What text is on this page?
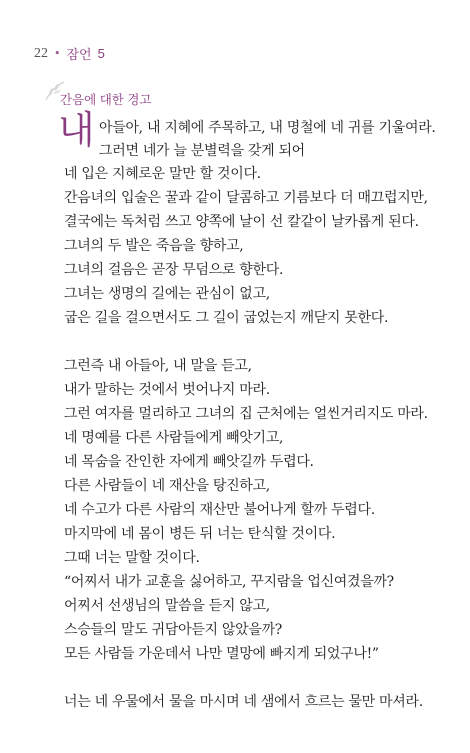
22 • 잠언 5
간음에 대한 경고
내 아들아, 내 지혜에 주목하고, 내 명철에 네 귀를 기울여라.
그러면 네가 늘 분별력을 갖게 되어
네 입은 지혜로운 말만 할 것이다.
간음녀의 입술은 꿀과 같이 달콤하고 기름보다 더 매끄럽지만,
결국에는 독처럼 쓰고 양쪽에 날이 선 칼같이 날카롭게 된다.
그녀의 두 발은 죽음을 향하고,
그녀의 걸음은 곧장 무덤으로 향한다.
그녀는 생명의 길에는 관심이 없고,
굽은 길을 걸으면서도 그 길이 굽었는지 깨닫지 못한다.
그런즉 내 아들아, 내 말을 듣고,
내가 말하는 것에서 벗어나지 마라.
그런 여자를 멀리하고 그녀의 집 근처에는 얼씬거리지도 마라.
네 명예를 다른 사람들에게 빼앗기고,
네 목숨을 잔인한 자에게 빼앗길까 두렵다.
다른 사람들이 네 재산을 탕진하고,
네 수고가 다른 사람의 재산만 불어나게 할까 두렵다.
마지막에 네 몸이 병든 뒤 너는 탄식할 것이다.
그때 너는 말할 것이다.
“어찌서 내가 교훈을 싫어하고, 꾸지람을 업신여겼을까?
어찌서 선생님의 말씀을 듣지 않고,
스승들의 말도 귀담아듣지 않았을까?
모든 사람들 가운데서 나만 멸망에 빠지게 되었구나!”
너는 네 우물에서 물을 마시며 네 샘에서 흐르는 물만 마셔라.
